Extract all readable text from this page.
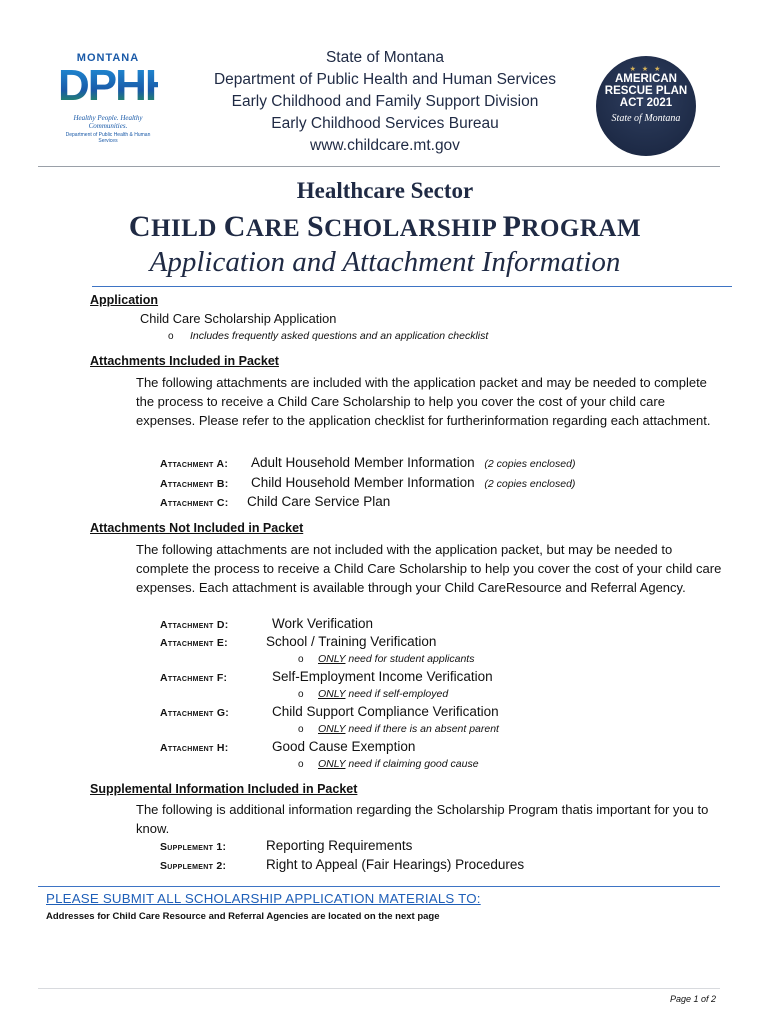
MONTANA
DPHHS
Healthy People. Healthy Communities.
Department of Public Health & Human Services
State of Montana
Department of Public Health and Human Services
Early Childhood and Family Support Division
Early Childhood Services Bureau
www.childcare.mt.gov
★ ★ ★
AMERICAN
RESCUE PLAN
ACT 2021
State of Montana
Healthcare Sector
CHILD CARE SCHOLARSHIP PROGRAM
Application and Attachment Information
Application
Child Care Scholarship Application
o Includes frequently asked questions and an application checklist
Attachments Included in Packet
The following attachments are included with the application packet and may be needed to complete the process to receive a Child Care Scholarship to help you cover the cost of your child care expenses. Please refer to the application checklist for furtherinformation regarding each attachment.
Attachment A: Adult Household Member Information (2 copies enclosed)
Attachment B: Child Household Member Information (2 copies enclosed)
Attachment C: Child Care Service Plan
Attachments Not Included in Packet
The following attachments are not included with the application packet, but may be needed to complete the process to receive a Child Care Scholarship to help you cover the cost of your child care expenses. Each attachment is available through your Child CareResource and Referral Agency.
Attachment D:	Work Verification
Attachment E:	School / Training Verification
o ONLY need for student applicants
Attachment F:	Self-Employment Income Verification
o ONLY need if self-employed
Attachment G:	Child Support Compliance Verification
o ONLY need if there is an absent parent
Attachment H:	Good Cause Exemption
o ONLY need if claiming good cause
Supplemental Information Included in Packet
The following is additional information regarding the Scholarship Program thatis important for you to know.
Supplement 1:	Reporting Requirements
Supplement 2:	Right to Appeal (Fair Hearings) Procedures
PLEASE SUBMIT ALL SCHOLARSHIP APPLICATION MATERIALS TO:
Addresses for Child Care Resource and Referral Agencies are located on the next page
Page 1 of 2
